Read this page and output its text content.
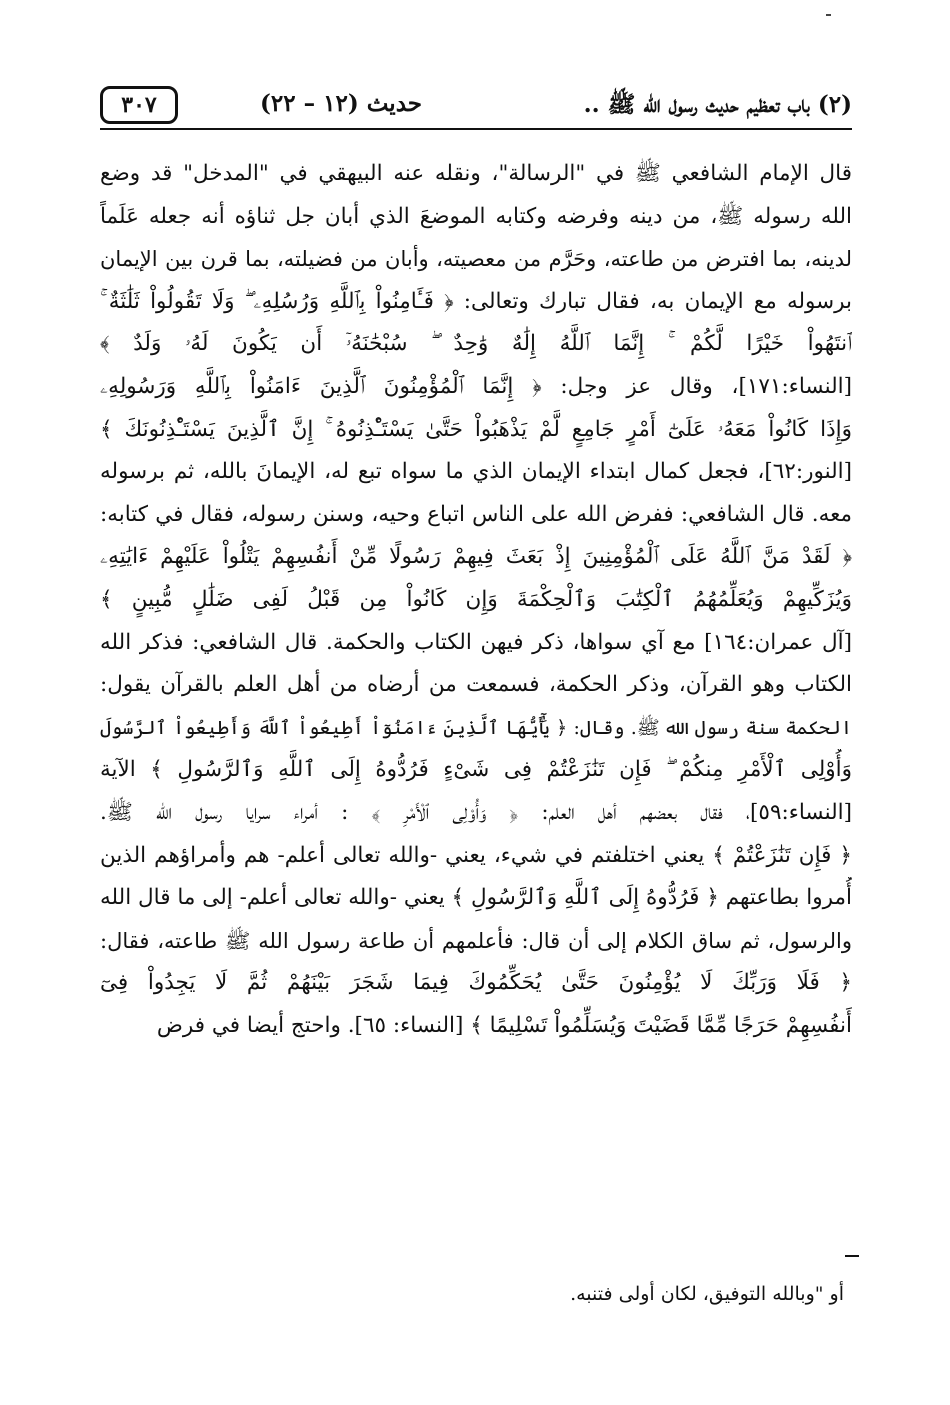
(٢) باب تعظيم حديث رسول الله ﷺ ..
حديث (١٢ – ٢٢)
٣٠٧
قال الإمام الشافعي ﷺ في "الرسالة"، ونقله عنه البيهقي في "المدخل" قد وضع
الله رسوله ﷺ، من دينه وفرضه وكتابه الموضعَ الذي أبان جل ثناؤه أنه جعله عَلَماً
لدينه، بما افترض من طاعته، وحَرَّم من معصيته، وأبان من فضيلته، بما قرن بين الإيمان
برسوله مع الإيمان به، فقال تبارك وتعالى: ﴿ فَـَٔامِنُواْ بِٱللَّهِ وَرُسُلِهِۦ ۖ وَلَا تَقُولُواْ ثَلَٰثَةٌ ۚ
ٱنتَهُواْ خَيْرًا لَّكُمْ ۚ إِنَّمَا ٱللَّهُ إِلَٰهٌ وَٰحِدٌ ۖ سُبْحَٰنَهُۥٓ أَن يَكُونَ لَهُۥ وَلَدٌ ﴾
[النساء:١٧١]، وقال عز وجل: ﴿ إِنَّمَا ٱلْمُؤْمِنُونَ ٱلَّذِينَ ءَامَنُواْ بِٱللَّهِ وَرَسُولِهِۦ
وَإِذَا كَانُواْ مَعَهُۥ عَلَىٰٓ أَمْرٍ جَامِعٍ لَّمْ يَذْهَبُواْ حَتَّىٰ يَسْتَـْٔذِنُوهُ ۚ إِنَّ ٱلَّذِينَ يَسْتَـْٔذِنُونَكَ ﴾
[النور:٦٢]، فجعل كمال ابتداء الإيمان الذي ما سواه تبع له، الإيمانَ بالله، ثم برسوله
معه. قال الشافعي: ففرض الله على الناس اتباع وحيه، وسنن رسوله، فقال في كتابه:
﴿ لَقَدْ مَنَّ ٱللَّهُ عَلَى ٱلْمُؤْمِنِينَ إِذْ بَعَثَ فِيهِمْ رَسُولًا مِّنْ أَنفُسِهِمْ يَتْلُواْ عَلَيْهِمْ ءَايَٰتِهِۦ
وَيُزَكِّيهِمْ وَيُعَلِّمُهُمُ ٱلْكِتَٰبَ وَٱلْحِكْمَةَ وَإِن كَانُواْ مِن قَبْلُ لَفِى ضَلَٰلٍ مُّبِينٍ ﴾
[آل عمران:١٦٤] مع آي سواها، ذكر فيهن الكتاب والحكمة. قال الشافعي: فذكر الله
الكتاب وهو القرآن، وذكر الحكمة، فسمعت من أرضاه من أهل العلم بالقرآن يقول:
الحكمة سنة رسول الله ﷺ. وقال: ﴿ يَٰٓأَيُّهَا ٱلَّذِينَ ءَامَنُوٓاْ أَطِيعُواْ ٱللَّهَ وَأَطِيعُواْ ٱلرَّسُولَ
وَأُوْلِى ٱلْأَمْرِ مِنكُمْ ۖ فَإِن تَنَٰزَعْتُمْ فِى شَىْءٍ فَرُدُّوهُ إِلَى ٱللَّهِ وَٱلرَّسُولِ ﴾ الآية
[النساء:٥٩]، فقال بعضهم أهل العلم: ﴿ وَأُوْلِى ٱلْأَمْرِ ﴾ : أمراء سرايا رسول الله ﷺ.
﴿ فَإِن تَنَٰزَعْتُمْ ﴾ يعني اختلفتم في شيء، يعني -والله تعالى أعلم- هم وأمراؤهم الذين
أُمروا بطاعتهم ﴿ فَرُدُّوهُ إِلَى ٱللَّهِ وَٱلرَّسُولِ ﴾ يعني -والله تعالى أعلم- إلى ما قال الله
والرسول، ثم ساق الكلام إلى أن قال: فأعلمهم أن طاعة رسول الله ﷺ طاعته، فقال:
﴿ فَلَا وَرَبِّكَ لَا يُؤْمِنُونَ حَتَّىٰ يُحَكِّمُوكَ فِيمَا شَجَرَ بَيْنَهُمْ ثُمَّ لَا يَجِدُواْ فِىٓ
أَنفُسِهِمْ حَرَجًا مِّمَّا قَضَيْتَ وَيُسَلِّمُواْ تَسْلِيمًا ﴾ [النساء: ٦٥]. واحتج أيضا في فرض
أو "وبالله التوفيق، لكان أولى فتنبه.
